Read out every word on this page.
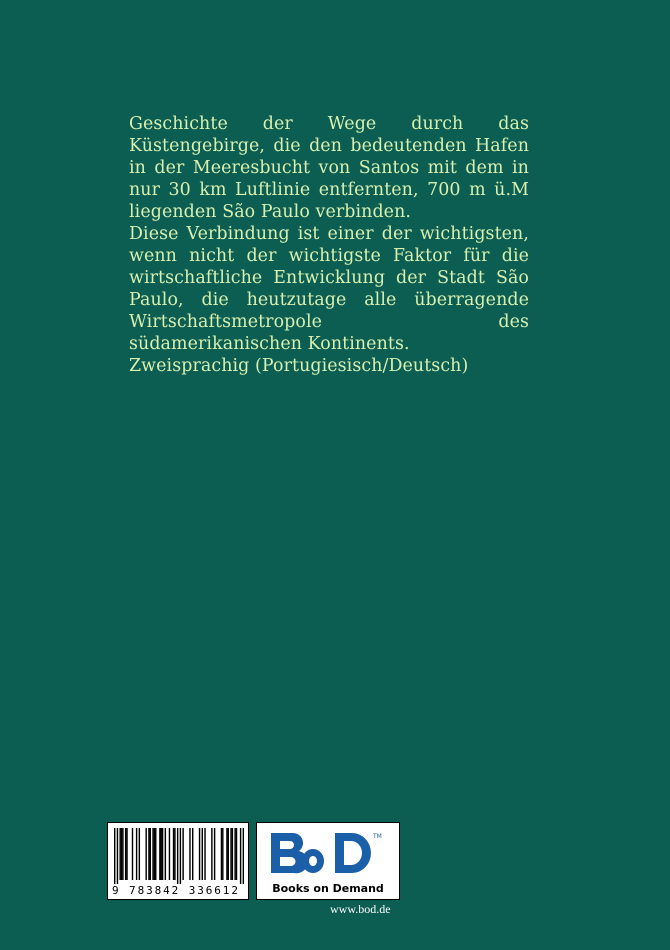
Geschichte der Wege durch das Küstengebirge, die den bedeutenden Hafen in der Meeresbucht von Santos mit dem in nur 30 km Luftlinie entfernten, 700 m ü.M liegenden São Paulo verbinden.

Diese Verbindung ist einer der wichtigsten, wenn nicht der wichtigste Faktor für die wirtschaftliche Entwicklung der Stadt São Paulo, die heutzutage alle überragende Wirtschaftsmetropole des südamerikanischen Kontinents.

Zweisprachig (Portugiesisch/Deutsch)

9 783842 336612
TM
Books on Demand
www.bod.de
